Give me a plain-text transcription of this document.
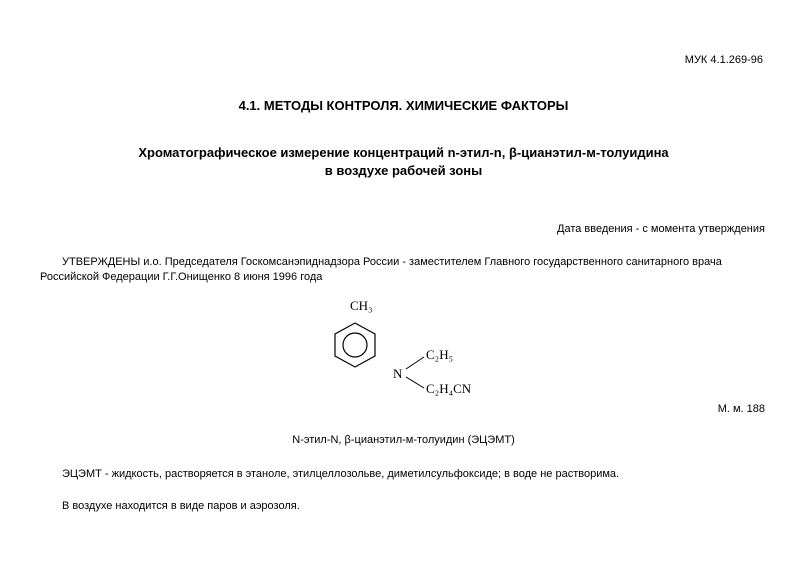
МУК 4.1.269-96
4.1. МЕТОДЫ КОНТРОЛЯ. ХИМИЧЕСКИЕ ФАКТОРЫ
Хроматографическое измерение концентраций n-этил-n, β-цианэтил-м-толуидина
в воздухе рабочей зоны
Дата введения - с момента утверждения
УТВЕРЖДЕНЫ и.о. Председателя Госкомсанэпиднадзора России - заместителем Главного государственного санитарного врача
Российской Федерации Г.Г.Онищенко 8 июня 1996 года
CH₃
N
C₂H₅
C₂H₄CN
М. м. 188
N-этил-N, β-цианэтил-м-толуидин (ЭЦЭМТ)
ЭЦЭМТ - жидкость, растворяется в этаноле, этилцеллозольве, диметилсульфоксиде; в воде не растворима.
В воздухе находится в виде паров и аэрозоля.
